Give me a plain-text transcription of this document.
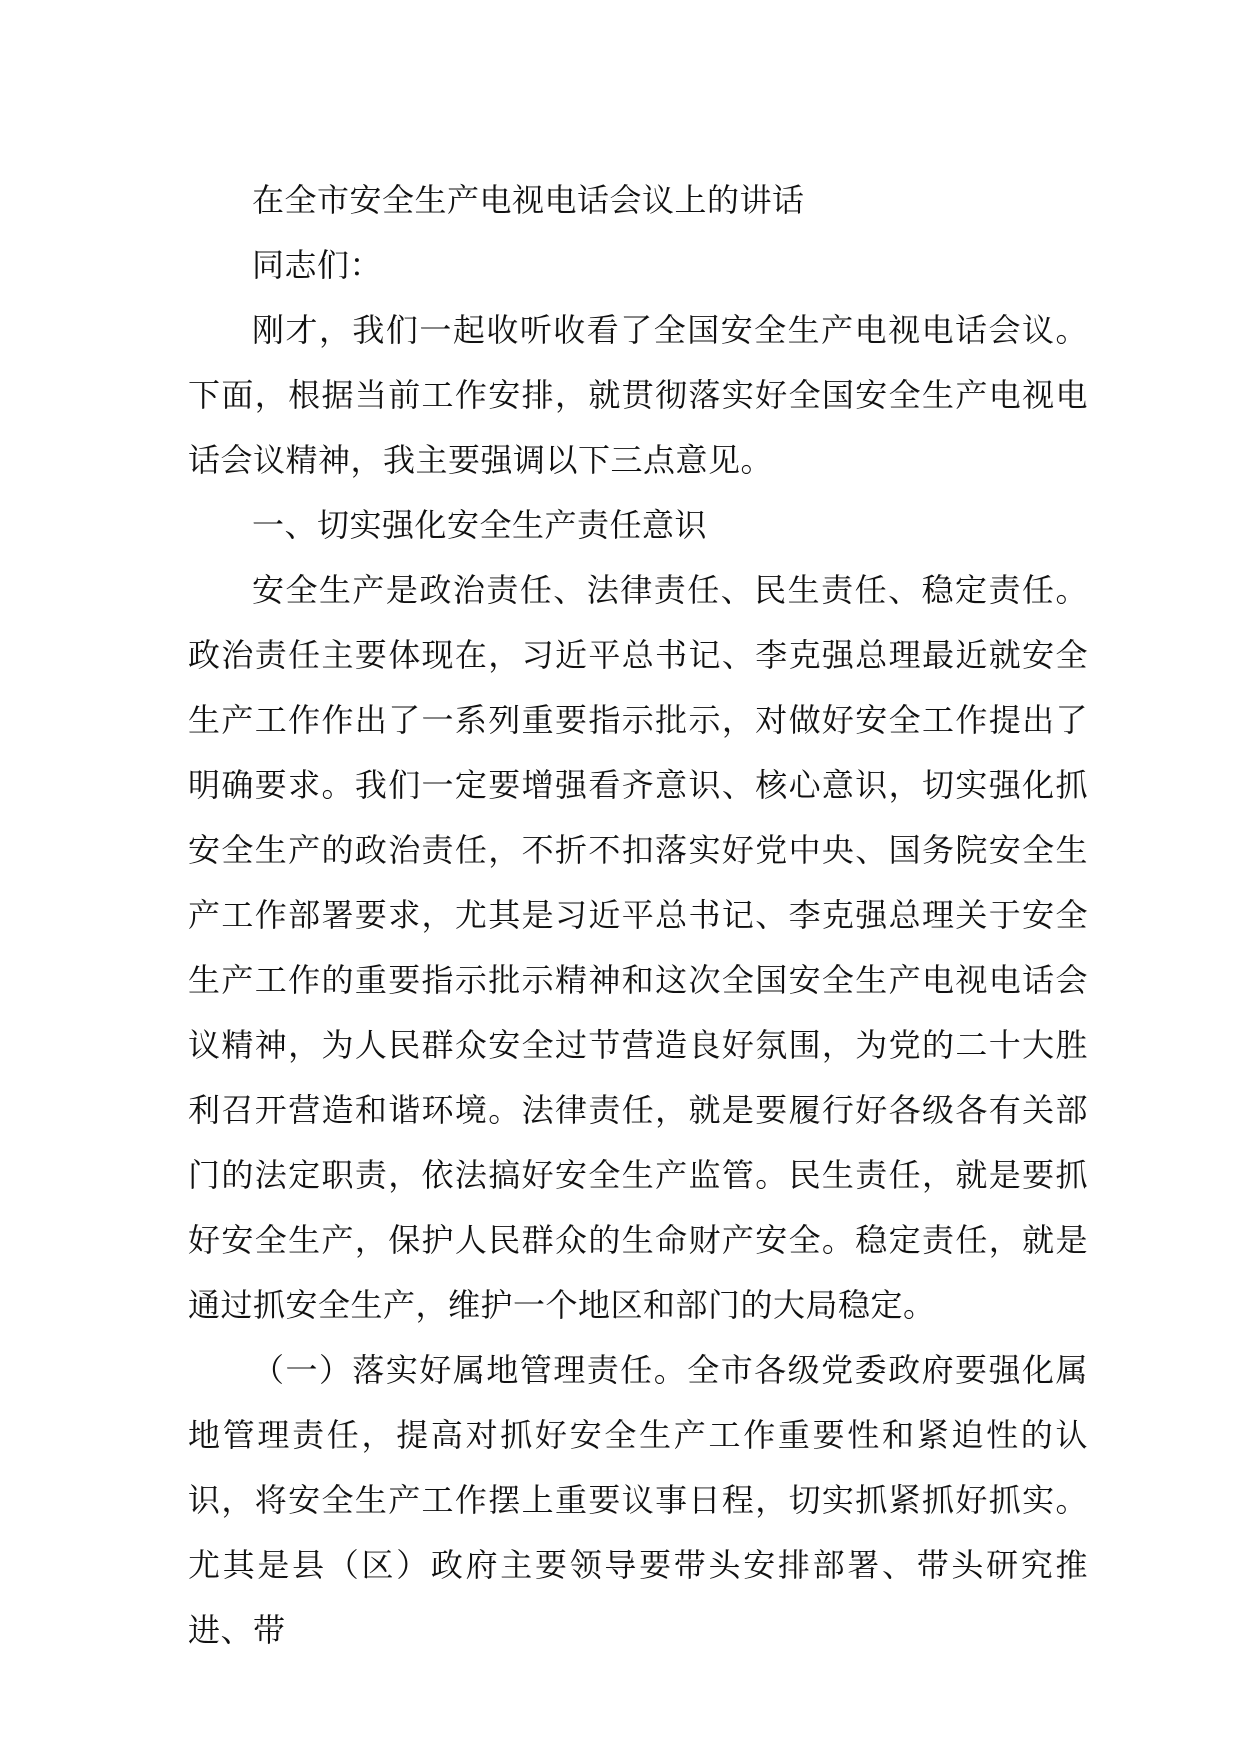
在全市安全生产电视电话会议上的讲话

同志们：

刚才，我们一起收听收看了全国安全生产电视电话会议。下面，根据当前工作安排，就贯彻落实好全国安全生产电视电话会议精神，我主要强调以下三点意见。

一、切实强化安全生产责任意识

安全生产是政治责任、法律责任、民生责任、稳定责任。政治责任主要体现在，习近平总书记、李克强总理最近就安全生产工作作出了一系列重要指示批示，对做好安全工作提出了明确要求。我们一定要增强看齐意识、核心意识，切实强化抓安全生产的政治责任，不折不扣落实好党中央、国务院安全生产工作部署要求，尤其是习近平总书记、李克强总理关于安全生产工作的重要指示批示精神和这次全国安全生产电视电话会议精神，为人民群众安全过节营造良好氛围，为党的二十大胜利召开营造和谐环境。法律责任，就是要履行好各级各有关部门的法定职责，依法搞好安全生产监管。民生责任，就是要抓好安全生产，保护人民群众的生命财产安全。稳定责任，就是通过抓安全生产，维护一个地区和部门的大局稳定。

（一）落实好属地管理责任。全市各级党委政府要强化属地管理责任，提高对抓好安全生产工作重要性和紧迫性的认识，将安全生产工作摆上重要议事日程，切实抓紧抓好抓实。尤其是县（区）政府主要领导要带头安排部署、带头研究推进、带
